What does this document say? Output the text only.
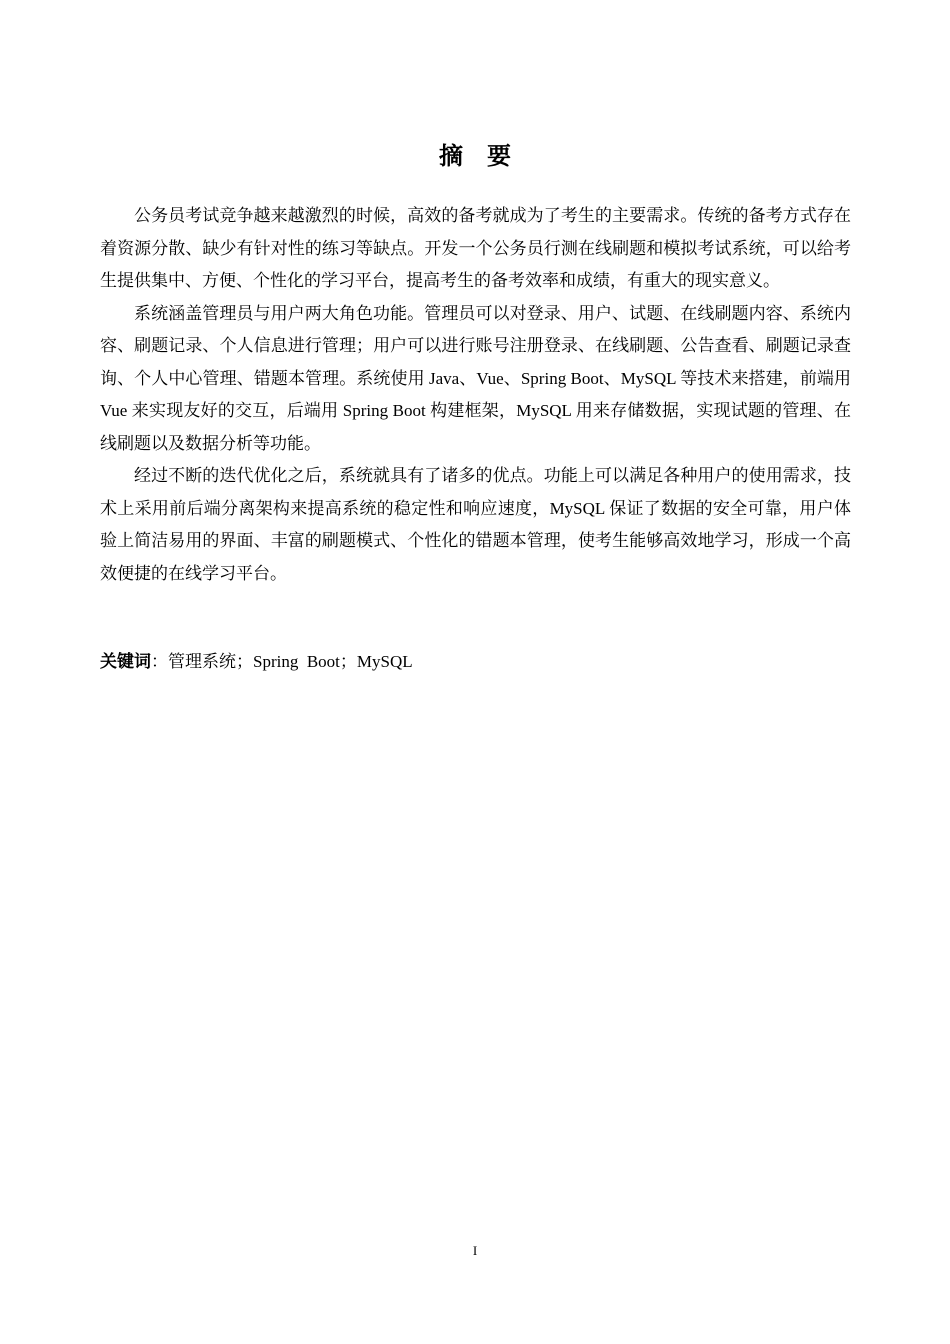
摘要

公务员考试竞争越来越激烈的时候，高效的备考就成为了考生的主要需求。传统的备考方式存在着资源分散、缺少有针对性的练习等缺点。开发一个公务员行测在线刷题和模拟考试系统，可以给考生提供集中、方便、个性化的学习平台，提高考生的备考效率和成绩，有重大的现实意义。

系统涵盖管理员与用户两大角色功能。管理员可以对登录、用户、试题、在线刷题内容、系统内容、刷题记录、个人信息进行管理；用户可以进行账号注册登录、在线刷题、公告查看、刷题记录查询、个人中心管理、错题本管理。系统使用 Java、Vue、Spring Boot、MySQL 等技术来搭建，前端用 Vue 来实现友好的交互，后端用 Spring Boot 构建框架，MySQL 用来存储数据，实现试题的管理、在线刷题以及数据分析等功能。

经过不断的迭代优化之后，系统就具有了诸多的优点。功能上可以满足各种用户的使用需求，技术上采用前后端分离架构来提高系统的稳定性和响应速度，MySQL 保证了数据的安全可靠，用户体验上简洁易用的界面、丰富的刷题模式、个性化的错题本管理，使考生能够高效地学习，形成一个高效便捷的在线学习平台。

关键词：管理系统；Spring  Boot；MySQL
I
